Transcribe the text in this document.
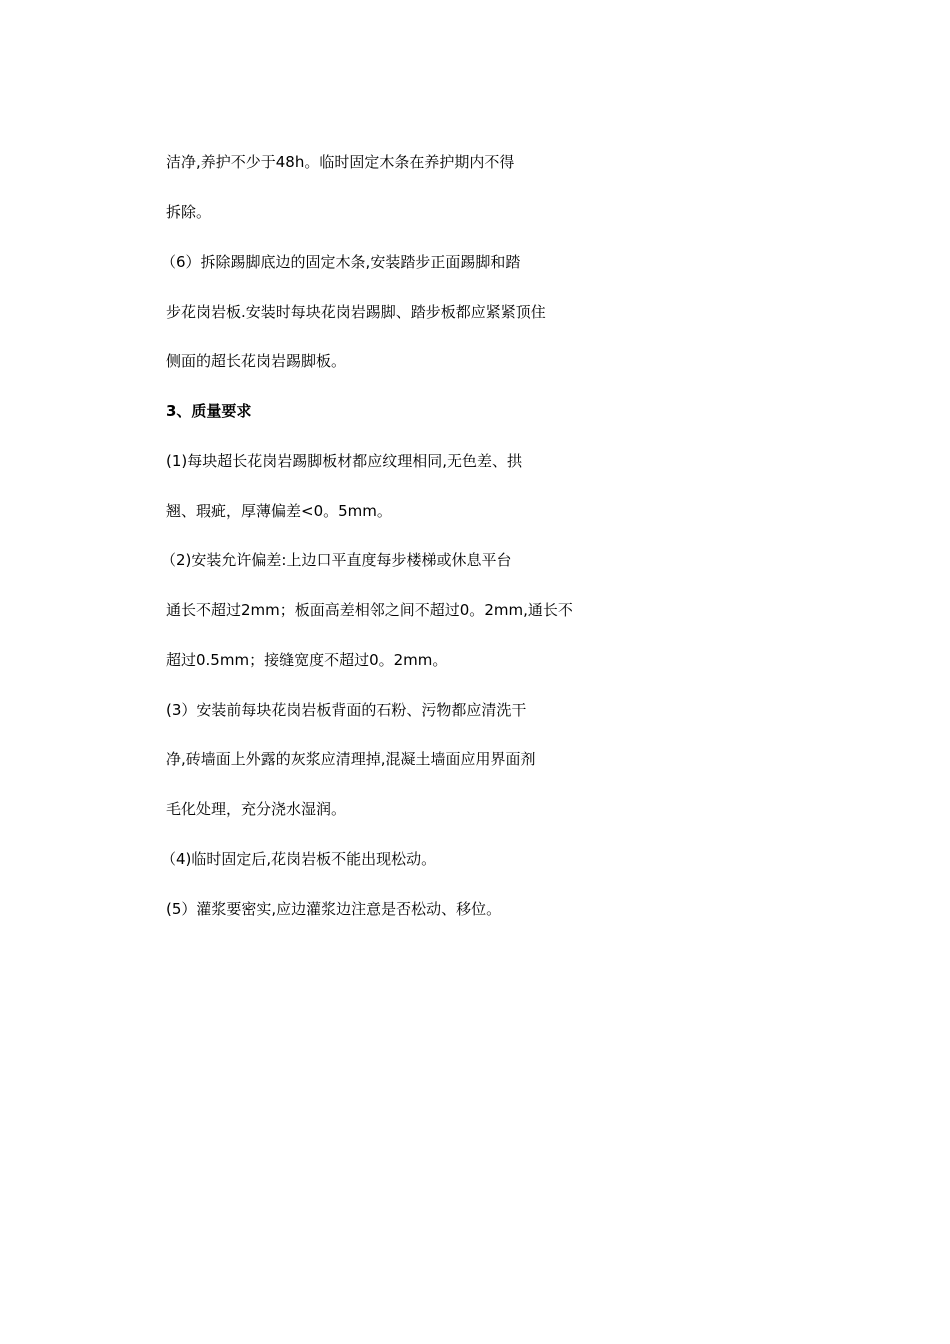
洁净,养护不少于48h。临时固定木条在养护期内不得
拆除。
（6）拆除踢脚底边的固定木条,安装踏步正面踢脚和踏
步花岗岩板.安装时每块花岗岩踢脚、踏步板都应紧紧顶住
侧面的超长花岗岩踢脚板。
3、质量要求
(1)每块超长花岗岩踢脚板材都应纹理相同,无色差、拱
翘、瑕疵，厚薄偏差<0。5mm。
（2)安装允许偏差:上边口平直度每步楼梯或休息平台
通长不超过2mm；板面高差相邻之间不超过0。2mm,通长不
超过0.5mm；接缝宽度不超过0。2mm。
(3）安装前每块花岗岩板背面的石粉、污物都应清洗干
净,砖墙面上外露的灰浆应清理掉,混凝土墙面应用界面剂
毛化处理，充分浇水湿润。
（4)临时固定后,花岗岩板不能出现松动。
(5）灌浆要密实,应边灌浆边注意是否松动、移位。
